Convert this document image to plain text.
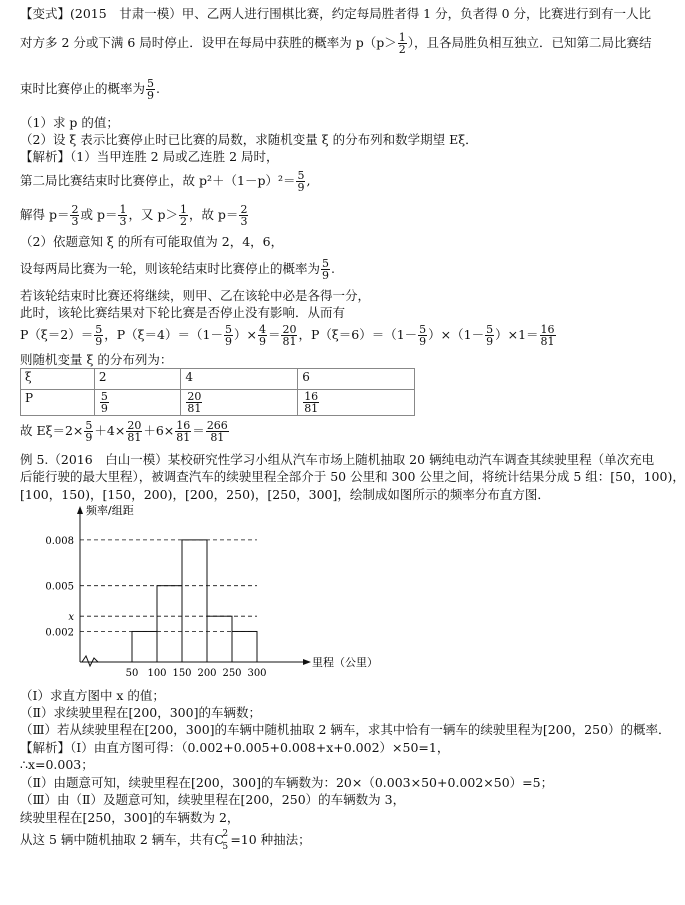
【变式】(2015　甘肃一模）甲、乙两人进行围棋比赛，约定每局胜者得 1 分，负者得 0 分，比赛进行到有一人比
对方多 2 分或下满 6 局时停止．设甲在每局中获胜的概率为 $p(p> \frac{1}{2}$ ），且各局胜负相互独立．已知第二局比赛结
束时比赛停止的概率为 $\frac{5}{9}$ .
（1）求 p 的值；
（2）设 ξ 表示比赛停止时已比赛的局数，求随机变量 ξ 的分布列和数学期望 Eξ．
【解析】（1）当甲连胜 2 局或乙连胜 2 局时，
第二局比赛结束时比赛停止，故 $p^2+(1-p)^2= \frac{5}{9}$ ,
解得 $p= \frac{2}{3}$ 或 $p= \frac{1}{3}$ ，又 $p> \frac{1}{2}$ ，故 $p= \frac{2}{3}$
（2）依题意知 ξ 的所有可能取值为 2，4，6，
设每两局比赛为一轮，则该轮结束时比赛停止的概率为 $\frac{5}{9}$ .
若该轮结束时比赛还将继续，则甲、乙在该轮中必是各得一分，
此时，该轮比赛结果对下轮比赛是否停止没有影响．从而有
$P(\xi=2)= \frac{5}{9}$ ，$P(\xi=4)=(1- \frac{5}{9}$ ）× $\frac{4}{9} = \frac{20}{81}$ ，$P(\xi=6)=(1- \frac{5}{9} )\times(1- \frac{5}{9} )\times 1= \frac{16}{81}$
则随机变量 ξ 的分布列为：
ξ	2	4	6
P	$\frac{5}{9}$	$\frac{20}{81}$	$\frac{16}{81}$
故 $E\xi=2\times \frac{5}{9} +4\times \frac{20}{81} +6\times \frac{16}{81} = \frac{266}{81}$
例 5.（2016　白山一模）某校研究性学习小组从汽车市场上随机抽取 20 辆纯电动汽车调查其续驶里程（单次充电
后能行驶的最大里程），被调查汽车的续驶里程全部介于 50 公里和 300 公里之间，将统计结果分成 5 组：[50，100)，
[100，150)，[150，200)，[200，250)，[250，300]，绘制成如图所示的频率分布直方图．
0.008
0.005
x
0.002
50 100 150 200 250 300
频率/组距
里程（公里）
（Ⅰ）求直方图中 x 的值；
（Ⅱ）求续驶里程在[200，300]的车辆数；
（Ⅲ）若从续驶里程在[200，300]的车辆中随机抽取 2 辆车，求其中恰有一辆车的续驶里程为[200，250）的概率．
【解析】（Ⅰ）由直方图可得：（0.002+0.005+0.008+x+0.002）×50=1，
∴x=0.003；
（Ⅱ）由题意可知，续驶里程在[200，300]的车辆数为：20×（0.003×50+0.002×50）=5；
（Ⅲ）由（Ⅱ）及题意可知，续驶里程在[200，250）的车辆数为 3，
续驶里程在[250，300]的车辆数为 2，
从这 5 辆中随机抽取 2 辆车，共有C
2
5 =10 种抽法；
